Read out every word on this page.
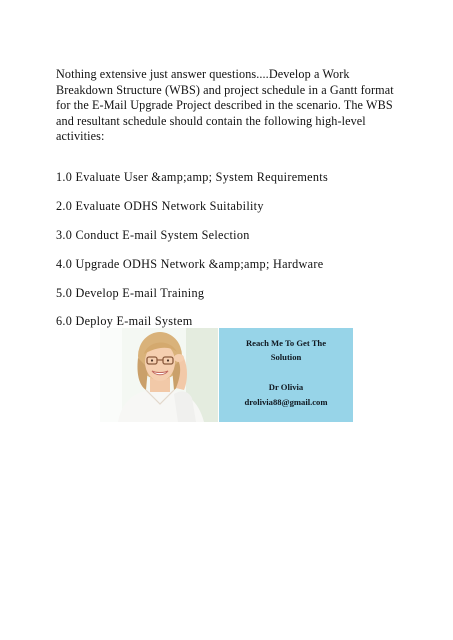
Nothing extensive just answer questions....Develop a Work Breakdown Structure (WBS) and project schedule in a Gantt format for the E-Mail Upgrade Project described in the scenario. The WBS and resultant schedule should contain the following high-level activities:

1.0 Evaluate User &amp;amp; System Requirements
2.0 Evaluate ODHS Network Suitability
3.0 Conduct E-mail System Selection
4.0 Upgrade ODHS Network &amp;amp; Hardware
5.0 Develop E-mail Training
6.0 Deploy E-mail System
Reach Me To Get The
Solution
Dr Olivia
drolivia88@gmail.com
